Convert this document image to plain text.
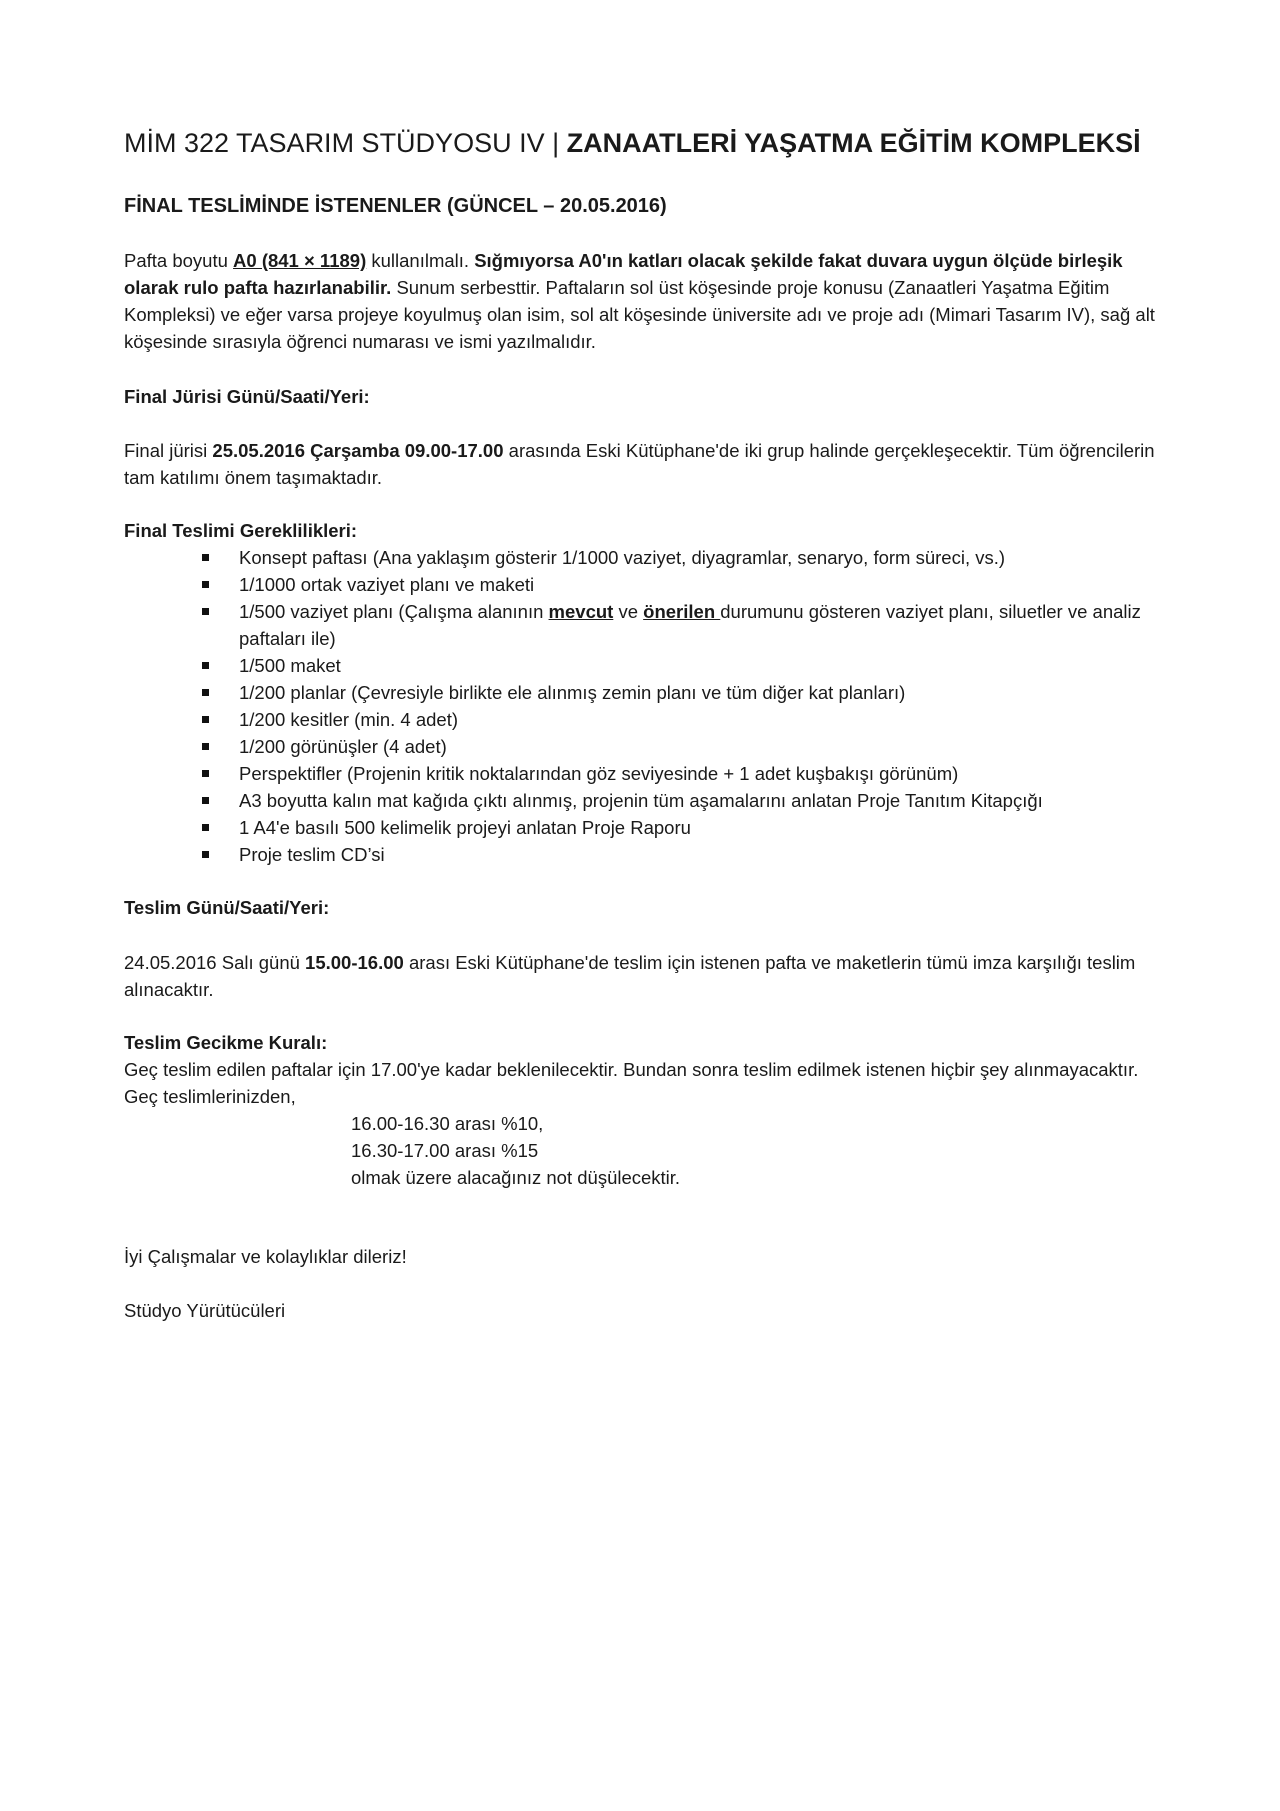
MİM 322 TASARIM STÜDYOSU IV | ZANAATLERİ YAŞATMA EĞİTİM KOMPLEKSİ
FİNAL TESLİMİNDE İSTENENLER (GÜNCEL – 20.05.2016)

Pafta boyutu A0 (841 × 1189) kullanılmalı. Sığmıyorsa A0'ın katları olacak şekilde fakat duvara uygun ölçüde birleşik olarak rulo pafta hazırlanabilir. Sunum serbesttir. Paftaların sol üst köşesinde proje konusu (Zanaatleri Yaşatma Eğitim Kompleksi) ve eğer varsa projeye koyulmuş olan isim, sol alt köşesinde üniversite adı ve proje adı (Mimari Tasarım IV), sağ alt köşesinde sırasıyla öğrenci numarası ve ismi yazılmalıdır.

Final Jürisi Günü/Saati/Yeri:

Final jürisi 25.05.2016 Çarşamba 09.00-17.00 arasında Eski Kütüphane'de iki grup halinde gerçekleşecektir. Tüm öğrencilerin tam katılımı önem taşımaktadır.

Final Teslimi Gereklilikleri:

Konsept paftası (Ana yaklaşım gösterir 1/1000 vaziyet, diyagramlar, senaryo, form süreci, vs.)
1/1000 ortak vaziyet planı ve maketi
1/500 vaziyet planı (Çalışma alanının mevcut ve önerilen durumunu gösteren vaziyet planı, siluetler ve analiz paftaları ile)
1/500 maket
1/200 planlar (Çevresiyle birlikte ele alınmış zemin planı ve tüm diğer kat planları)
1/200 kesitler (min. 4 adet)
1/200 görünüşler (4 adet)
Perspektifler (Projenin kritik noktalarından göz seviyesinde + 1 adet kuşbakışı görünüm)
A3 boyutta kalın mat kağıda çıktı alınmış, projenin tüm aşamalarını anlatan Proje Tanıtım Kitapçığı
1 A4'e basılı 500 kelimelik projeyi anlatan Proje Raporu
Proje teslim CD’si

Teslim Günü/Saati/Yeri:

24.05.2016 Salı günü 15.00-16.00 arası Eski Kütüphane'de teslim için istenen pafta ve maketlerin tümü imza karşılığı teslim alınacaktır.

Teslim Gecikme Kuralı:

Geç teslim edilen paftalar için 17.00'ye kadar beklenilecektir. Bundan sonra teslim edilmek istenen hiçbir şey alınmayacaktır. Geç teslimlerinizden,

16.00-16.30 arası %10,

16.30-17.00 arası %15

olmak üzere alacağınız not düşülecektir.

İyi Çalışmalar ve kolaylıklar dileriz!

Stüdyo Yürütücüleri
